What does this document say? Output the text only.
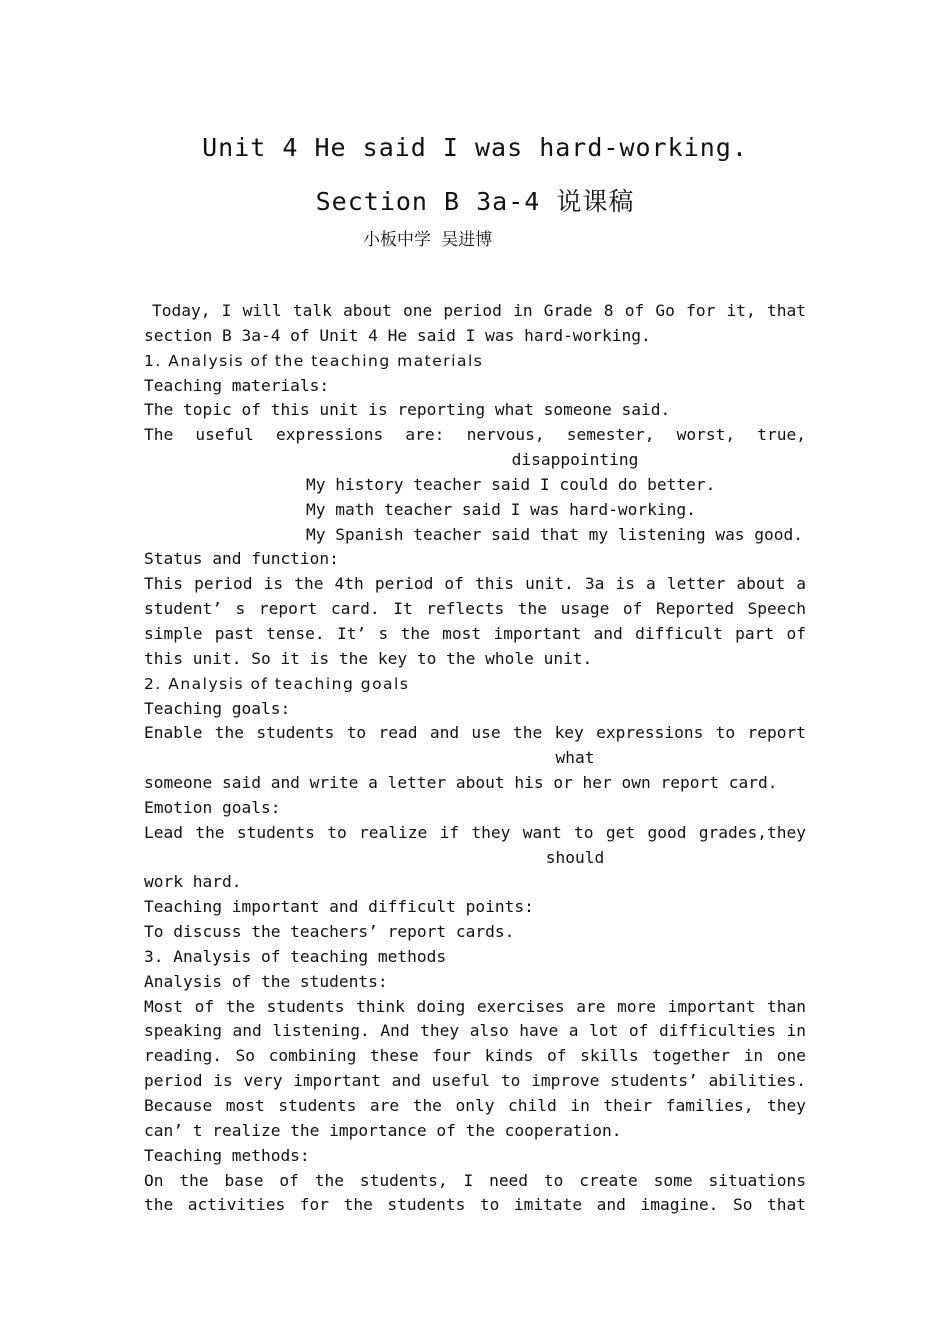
Unit 4 He said I was hard-working.
Section B 3a-4 说课稿
小板中学 吴进博
Today, I will talk about one period in Grade 8 of Go for it, that
section B 3a-4 of Unit 4 He said I was hard-working.
1. Analysis of the teaching materials
Teaching materials:
The topic of this unit is reporting what someone said.
The useful expressions are: nervous, semester, worst, true,
disappointing
My history teacher said I could do better.
My math teacher said I was hard-working.
My Spanish teacher said that my listening was good.
Status and function:
This period is the 4th period of this unit. 3a is a letter about a
student’ s report card. It reflects the usage of Reported Speech
simple past tense. It’ s the most important and difficult part of
this unit. So it is the key to the whole unit.
2. Analysis of teaching goals
Teaching goals:
Enable the students to read and use the key expressions to report
what
someone said and write a letter about his or her own report card.
Emotion goals:
Lead the students to realize if they want to get good grades,they
should
work hard.
Teaching important and difficult points:
To discuss the teachers’ report cards.
3. Analysis of teaching methods
Analysis of the students:
Most of the students think doing exercises are more important than
speaking and listening. And they also have a lot of difficulties in
reading. So combining these four kinds of skills together in one
period is very important and useful to improve students’ abilities.
Because most students are the only child in their families, they
can’ t realize the importance of the cooperation.
Teaching methods:
On the base of the students, I need to create some situations
the activities for the students to imitate and imagine. So that
